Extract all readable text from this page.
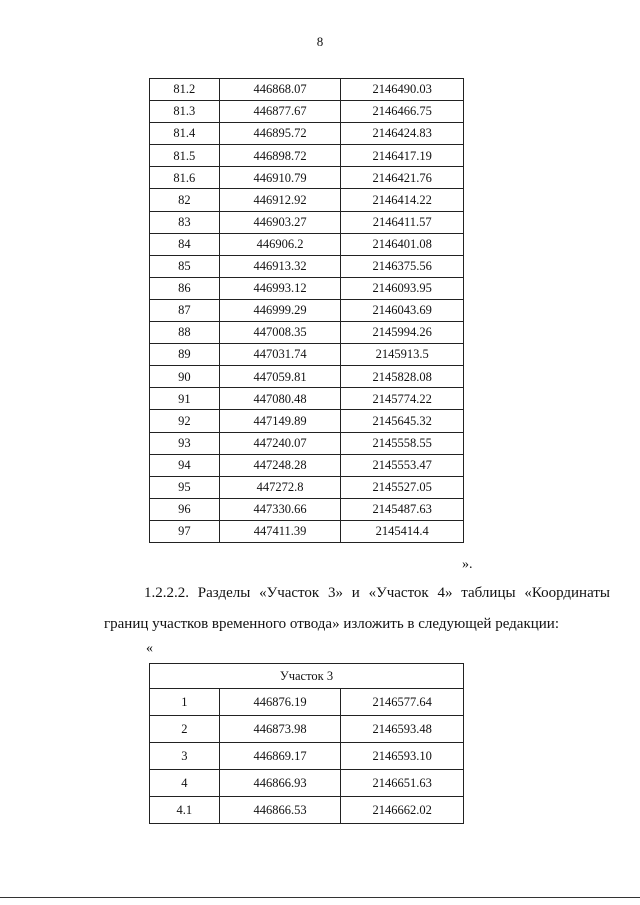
8
81.2	446868.07	2146490.03
81.3	446877.67	2146466.75
81.4	446895.72	2146424.83
81.5	446898.72	2146417.19
81.6	446910.79	2146421.76
82	446912.92	2146414.22
83	446903.27	2146411.57
84	446906.2	2146401.08
85	446913.32	2146375.56
86	446993.12	2146093.95
87	446999.29	2146043.69
88	447008.35	2145994.26
89	447031.74	2145913.5
90	447059.81	2145828.08
91	447080.48	2145774.22
92	447149.89	2145645.32
93	447240.07	2145558.55
94	447248.28	2145553.47
95	447272.8	2145527.05
96	447330.66	2145487.63
97	447411.39	2145414.4
».
1.2.2.2. Разделы «Участок 3» и «Участок 4» таблицы «Координаты
границ участков временного отвода» изложить в следующей редакции:
«
Участок 3		
1	446876.19	2146577.64
2	446873.98	2146593.48
3	446869.17	2146593.10
4	446866.93	2146651.63
4.1	446866.53	2146662.02
